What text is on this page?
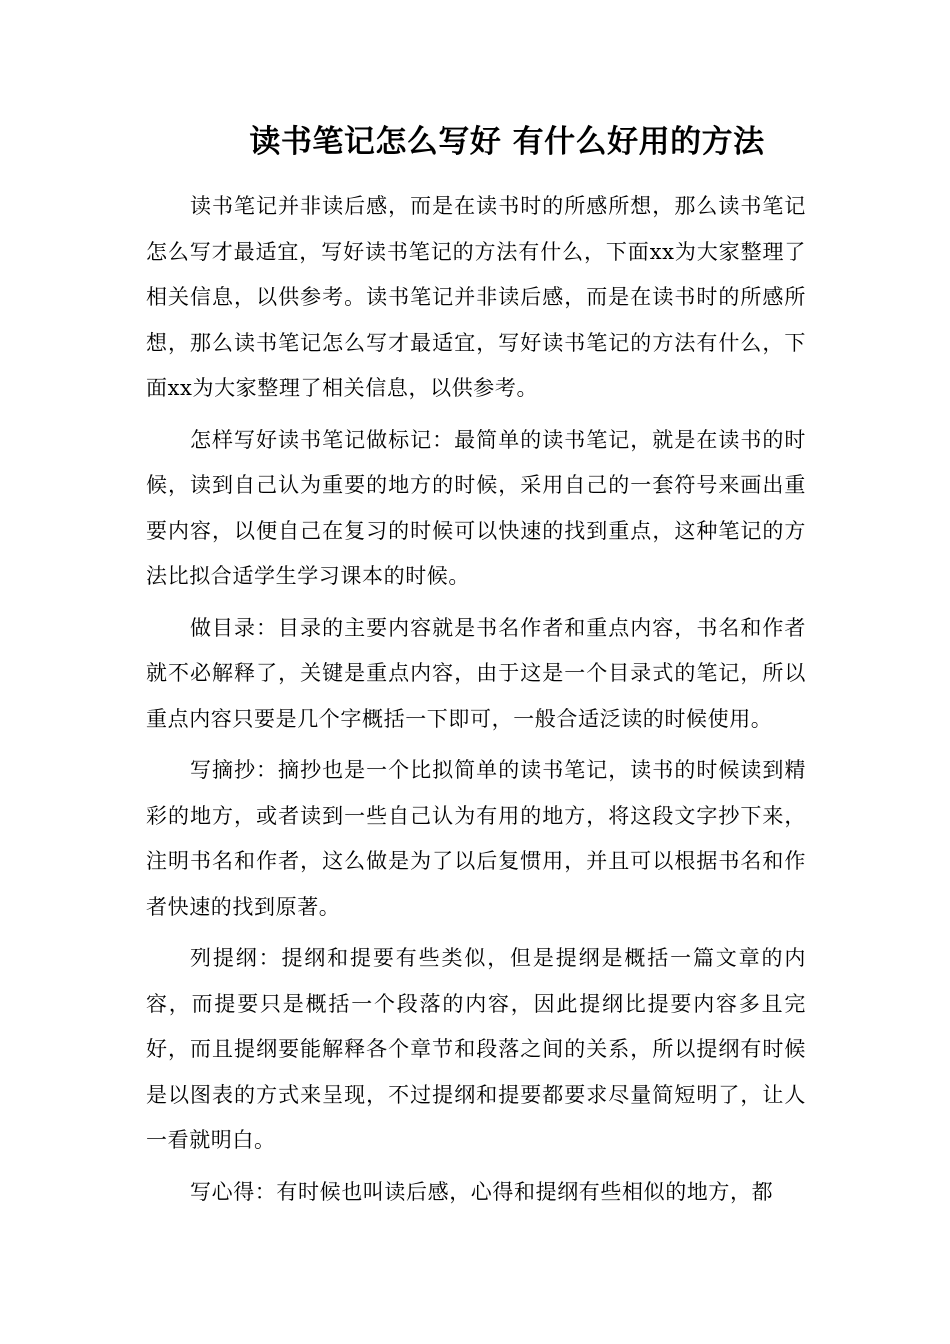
读书笔记怎么写好 有什么好用的方法

读书笔记并非读后感，而是在读书时的所感所想，那么读书笔记怎么写才最适宜，写好读书笔记的方法有什么，下面xx为大家整理了相关信息，以供参考。读书笔记并非读后感，而是在读书时的所感所想，那么读书笔记怎么写才最适宜，写好读书笔记的方法有什么，下面xx为大家整理了相关信息，以供参考。

怎样写好读书笔记做标记：最简单的读书笔记，就是在读书的时候，读到自己认为重要的地方的时候，采用自己的一套符号来画出重要内容，以便自己在复习的时候可以快速的找到重点，这种笔记的方法比拟合适学生学习课本的时候。

做目录：目录的主要内容就是书名作者和重点内容，书名和作者就不必解释了，关键是重点内容，由于这是一个目录式的笔记，所以重点内容只要是几个字概括一下即可，一般合适泛读的时候使用。

写摘抄：摘抄也是一个比拟简单的读书笔记，读书的时候读到精彩的地方，或者读到一些自己认为有用的地方，将这段文字抄下来，注明书名和作者，这么做是为了以后复惯用，并且可以根据书名和作者快速的找到原著。

列提纲：提纲和提要有些类似，但是提纲是概括一篇文章的内容，而提要只是概括一个段落的内容，因此提纲比提要内容多且完好，而且提纲要能解释各个章节和段落之间的关系，所以提纲有时候是以图表的方式来呈现，不过提纲和提要都要求尽量简短明了，让人一看就明白。

写心得：有时候也叫读后感，心得和提纲有些相似的地方，都
